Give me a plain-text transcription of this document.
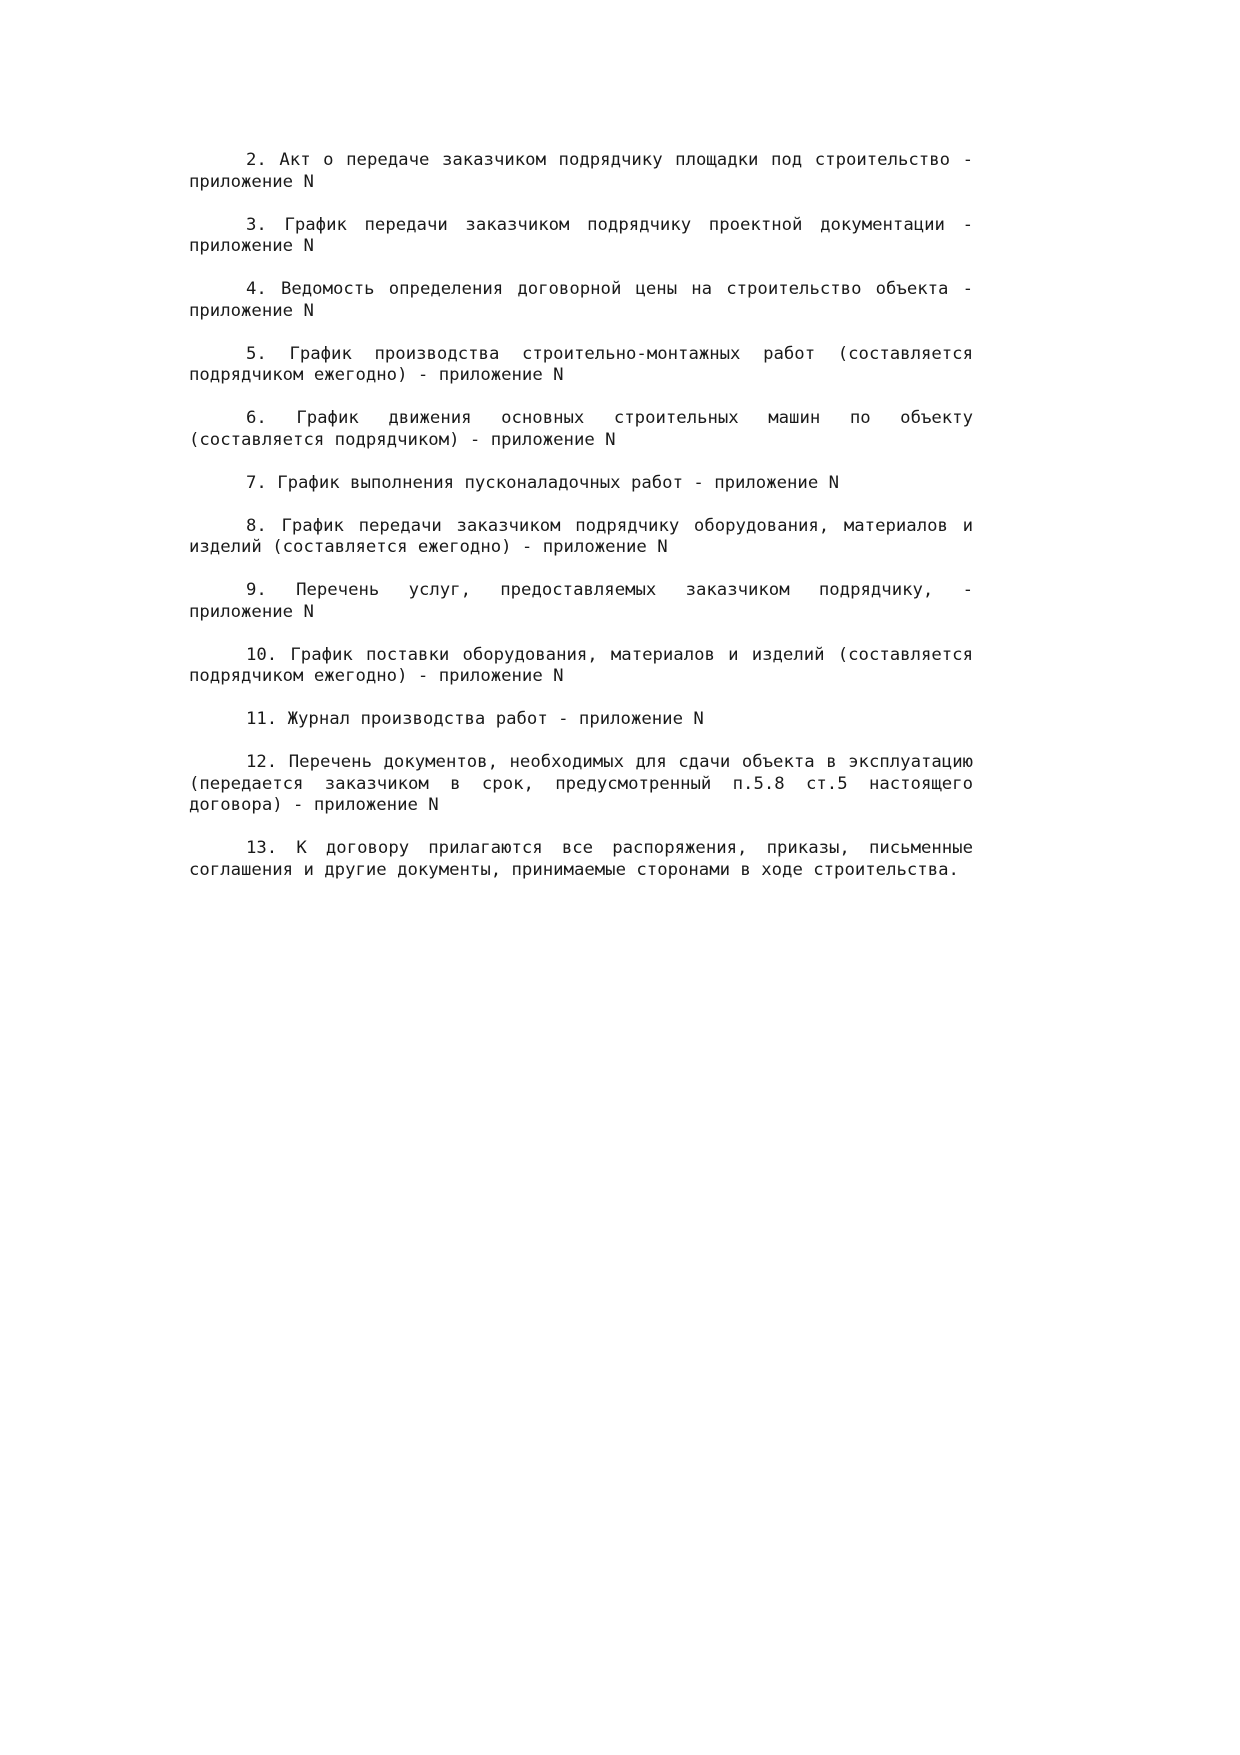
2. Акт о передаче заказчиком подрядчику площадки под строительство - приложение N

3. График передачи заказчиком подрядчику проектной документации - приложение N

4. Ведомость определения договорной цены на строительство объекта - приложение N

5. График производства строительно-монтажных работ (составляется подрядчиком ежегодно) - приложение N

6. График движения основных строительных машин по объекту (составляется подрядчиком) - приложение N

7. График выполнения пусконаладочных работ - приложение N

8. График передачи заказчиком подрядчику оборудования, материалов и изделий (составляется ежегодно) - приложение N

9. Перечень услуг, предоставляемых заказчиком подрядчику, - приложение N

10. График поставки оборудования, материалов и изделий (составляется подрядчиком ежегодно) - приложение N

11. Журнал производства работ - приложение N

12. Перечень документов, необходимых для сдачи объекта в эксплуатацию (передается заказчиком в срок, предусмотренный п.5.8 ст.5 настоящего договора) - приложение N

13. К договору прилагаются все распоряжения, приказы, письменные соглашения и другие документы, принимаемые сторонами в ходе строительства.
